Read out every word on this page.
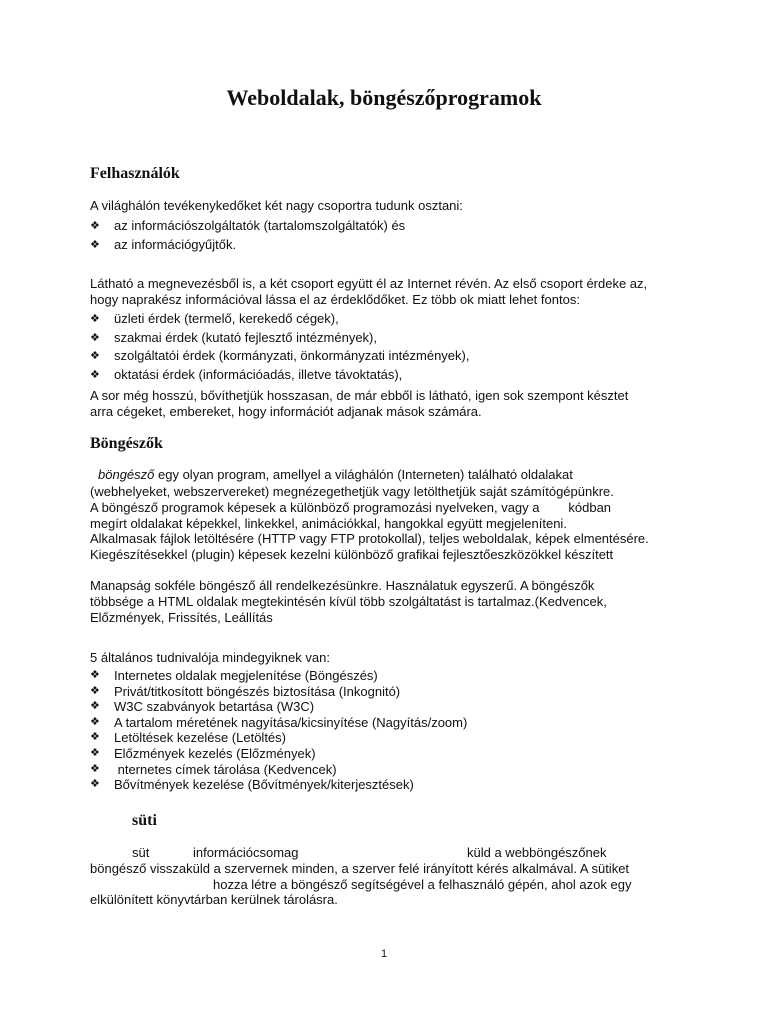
Weboldalak, böngészőprogramok
Felhasználók
A világhálón tevékenykedőket két nagy csoportra tudunk osztani:
❖ az információszolgáltatók (tartalomszolgáltatók) és
❖ az információgyűjtők.
Látható a megnevezésből is, a két csoport együtt él az Internet révén. Az első csoport érdeke az,
hogy naprakész információval lássa el az érdeklődőket. Ez több ok miatt lehet fontos:
❖ üzleti érdek (termelő, kerekedő cégek),
❖ szakmai érdek (kutató fejlesztő intézmények),
❖ szolgáltatói érdek (kormányzati, önkormányzati intézmények),
❖ oktatási érdek (információadás, illetve távoktatás),
A sor még hosszú, bővíthetjük hosszasan, de már ebből is látható, igen sok szempont késztet
arra cégeket, embereket, hogy információt adjanak mások számára.
Böngészők
böngésző egy olyan program, amellyel a világhálón (Interneten) található oldalakat
(webhelyeket, webszervereket) megnézegethetjük vagy letölthetjük saját számítógépünkre.
A böngésző programok képesek a különböző programozási nyelveken, vagy a        kódban
megírt oldalakat képekkel, linkekkel, animációkkal, hangokkal együtt megjeleníteni.
Alkalmasak fájlok letöltésére (HTTP vagy FTP protokollal), teljes weboldalak, képek elmentésére.
Kiegészítésekkel (plugin) képesek kezelni különböző grafikai fejlesztőeszközökkel készített
Manapság sokféle böngésző áll rendelkezésünkre. Használatuk egyszerű. A böngészők
többsége a HTML oldalak megtekintésén kívül több szolgáltatást is tartalmaz.(Kedvencek,
Előzmények, Frissítés, Leállítás
5 általános tudnivalója mindegyiknek van:
❖ Internetes oldalak megjelenítése (Böngészés)
❖ Privát/titkosított böngészés biztosítása (Inkognitó)
❖ W3C szabványok betartása (W3C)
❖ A tartalom méretének nagyítása/kicsinyítése (Nagyítás/zoom)
❖ Letöltések kezelése (Letöltés)
❖ Előzmények kezelés (Előzmények)
❖ nternetes címek tárolása (Kedvencek)
❖ Bővítmények kezelése (Bővítmények/kiterjesztések)
süti
süt	információcsomag	küld a webböngészőnek
böngésző visszaküld a szervernek minden, a szerver felé irányított kérés alkalmával. A sütiket
hozza létre a böngésző segítségével a felhasználó gépén, ahol azok egy
elkülönített könyvtárban kerülnek tárolásra.
1
